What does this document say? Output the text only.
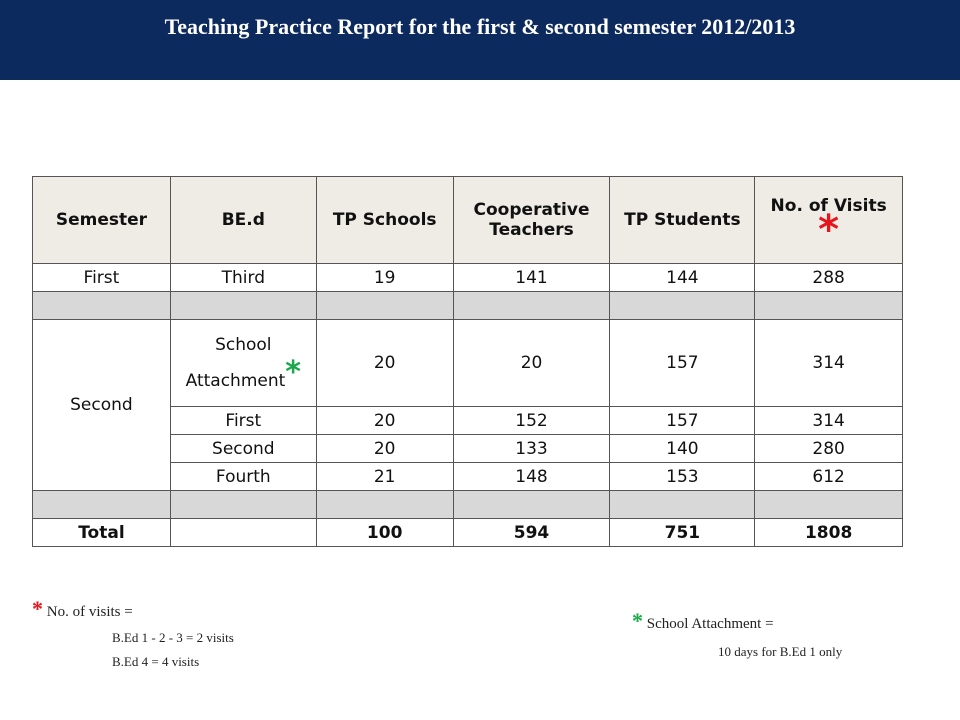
Teaching Practice Report for the first & second semester 2012/2013
Semester	BE.d	TP Schools	Cooperative Teachers	TP Students	No. of Visits
*

First	Third	19	141	144	288

Second	School Attachment*	20	20	157	314
	First	20	152	157	314
	Second	20	133	140	280
	Fourth	21	148	153	612

Total		100	594	751	1808
* No. of visits =
B.Ed 1 - 2 - 3 = 2 visits
B.Ed 4 = 4 visits
* School Attachment =
10 days for B.Ed 1 only
